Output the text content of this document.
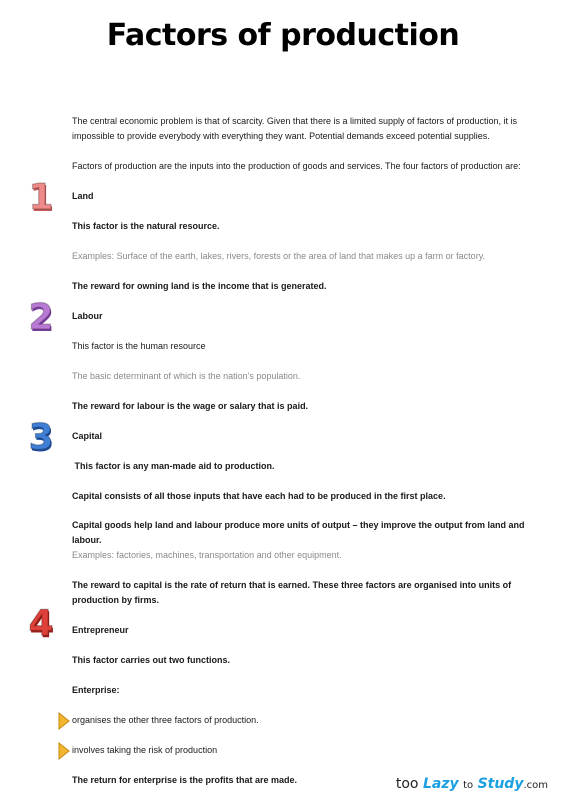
Factors of production
The central economic problem is that of scarcity. Given that there is a limited supply of factors of production, it is impossible to provide everybody with everything they want. Potential demands exceed potential supplies.
Factors of production are the inputs into the production of goods and services. The four factors of production are:
1	Land
This factor is the natural resource.
Examples: Surface of the earth, lakes, rivers, forests or the area of land that makes up a farm or factory.
The reward for owning land is the income that is generated.
2	Labour
This factor is the human resource
The basic determinant of which is the nation's population.
The reward for labour is the wage or salary that is paid.
3	Capital
This factor is any man-made aid to production.
Capital consists of all those inputs that have each had to be produced in the first place.
Capital goods help land and labour produce more units of output – they improve the output from land and labour.
Examples: factories, machines, transportation and other equipment.
The reward to capital is the rate of return that is earned. These three factors are organised into units of production by firms.
4	Entrepreneur
This factor carries out two functions.
Enterprise:
organises the other three factors of production.
involves taking the risk of production
The return for enterprise is the profits that are made.	too Lazy to Study.com
